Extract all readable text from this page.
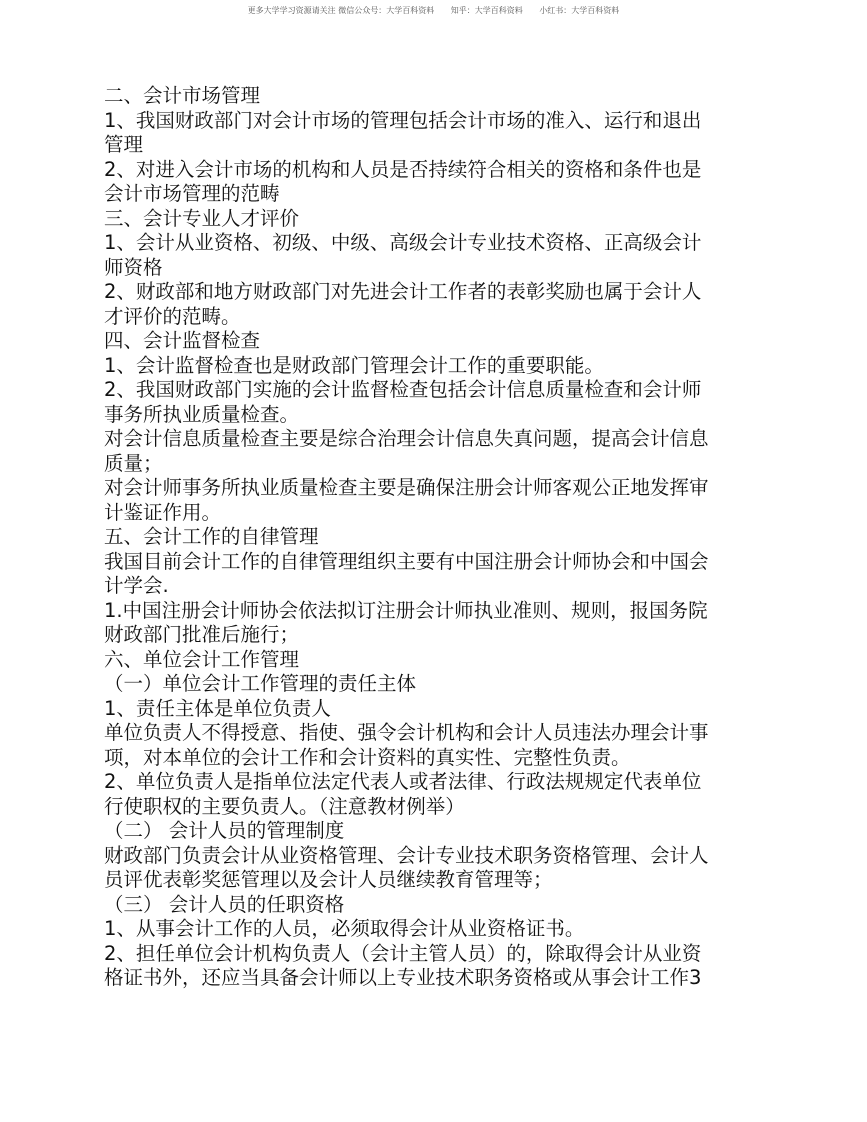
更多大学学习资源请关注 微信公众号：大学百科资料 知乎：大学百科资料 小红书：大学百科资料
二、会计市场管理
1、我国财政部门对会计市场的管理包括会计市场的准入、运行和退出
管理
2、对进入会计市场的机构和人员是否持续符合相关的资格和条件也是
会计市场管理的范畴
三、会计专业人才评价
1、会计从业资格、初级、中级、高级会计专业技术资格、正高级会计
师资格
2、财政部和地方财政部门对先进会计工作者的表彰奖励也属于会计人
才评价的范畴。
四、会计监督检查
1、会计监督检查也是财政部门管理会计工作的重要职能。
2、我国财政部门实施的会计监督检查包括会计信息质量检查和会计师
事务所执业质量检查。
对会计信息质量检查主要是综合治理会计信息失真问题，提高会计信息
质量；
对会计师事务所执业质量检查主要是确保注册会计师客观公正地发挥审
计鉴证作用。
五、会计工作的自律管理
我国目前会计工作的自律管理组织主要有中国注册会计师协会和中国会
计学会.
1.中国注册会计师协会依法拟订注册会计师执业准则、规则，报国务院
财政部门批准后施行；
六、单位会计工作管理
（一）单位会计工作管理的责任主体
1、责任主体是单位负责人
单位负责人不得授意、指使、强令会计机构和会计人员违法办理会计事
项，对本单位的会计工作和会计资料的真实性、完整性负责。
2、单位负责人是指单位法定代表人或者法律、行政法规规定代表单位
行使职权的主要负责人。（注意教材例举）
（二） 会计人员的管理制度
财政部门负责会计从业资格管理、会计专业技术职务资格管理、会计人
员评优表彰奖惩管理以及会计人员继续教育管理等；
（三） 会计人员的任职资格
1、从事会计工作的人员，必须取得会计从业资格证书。
2、担任单位会计机构负责人（会计主管人员）的，除取得会计从业资
格证书外，还应当具备会计师以上专业技术职务资格或从事会计工作3
